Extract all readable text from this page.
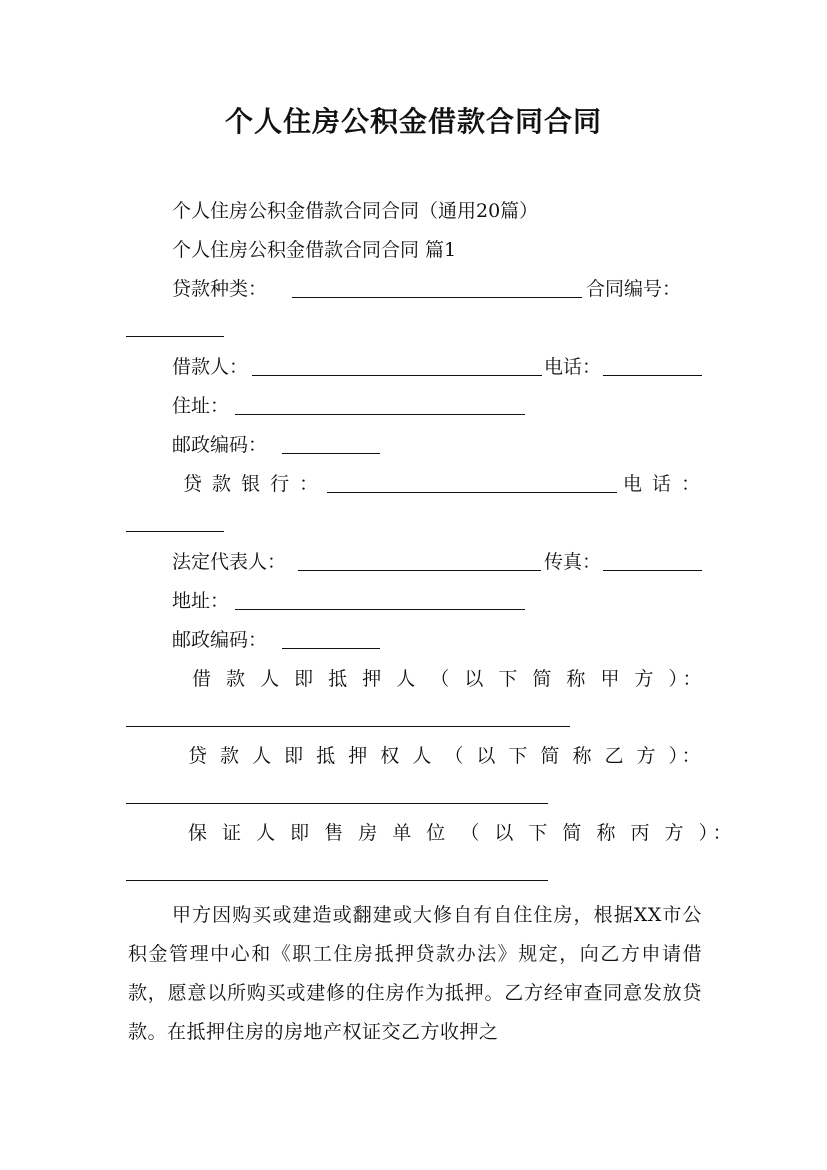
个人住房公积金借款合同合同
个人住房公积金借款合同合同（通用20篇）
个人住房公积金借款合同合同 篇1
贷款种类：	合同编号：
借款人：	电话：
住址：
邮政编码：
贷 款 银 行 ：	电 话 ：
法定代表人：	传真：
地址：
邮政编码：
借 款 人 即 抵 押 人 （ 以 下 简 称 甲 方 ）：
贷 款 人 即 抵 押 权 人 （ 以 下 简 称 乙 方 ）：
保 证 人 即 售 房 单 位 （ 以 下 简 称 丙 方 ）：
甲方因购买或建造或翻建或大修自有自住住房，根据XX市公积金管理中心和《职工住房抵押贷款办法》规定，向乙方申请借款，愿意以所购买或建修的住房作为抵押。乙方经审查同意发放贷款。在抵押住房的房地产权证交乙方收押之
